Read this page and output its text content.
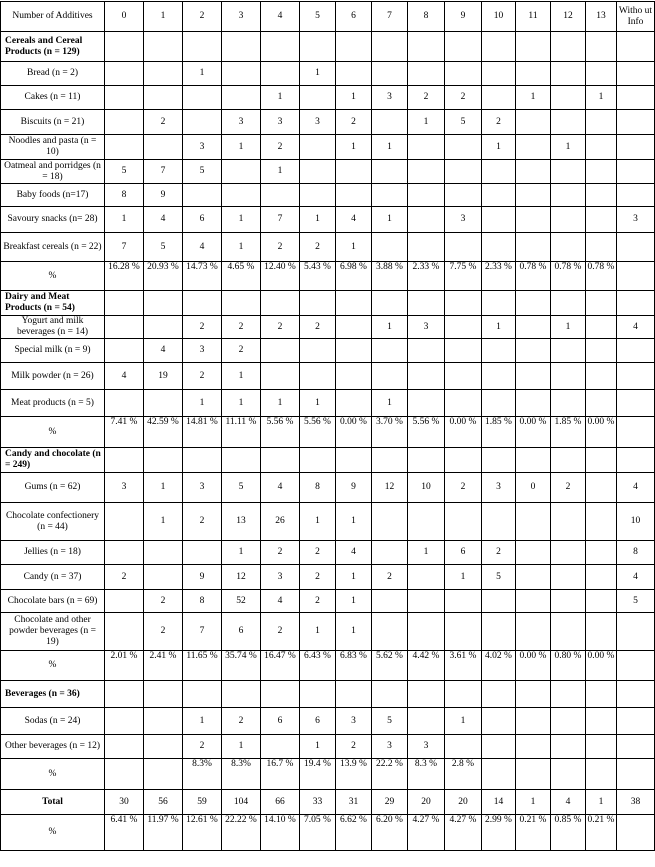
Number of Additives	0	1	2	3	4	5	6	7	8	9	10	11	12	13	Witho ut Info
Cereals and Cereal Products (n = 129)															
Bread (n = 2)			1			1									
Cakes (n = 11)					1		1	3	2	2		1		1	
Biscuits (n = 21)		2		3	3	3	2		1	5	2				
Noodles and pasta (n = 10)			3	1	2		1	1			1		1		
Oatmeal and porridges (n = 18)	5	7	5		1										
Baby foods (n=17)	8	9													
Savoury snacks (n= 28)	1	4	6	1	7	1	4	1		3					3
Breakfast cereals (n = 22)	7	5	4	1	2	2	1								
%	16.28 %	20.93 %	14.73 %	4.65 %	12.40 %	5.43 %	6.98 %	3.88 %	2.33 %	7.75 %	2.33 %	0.78 %	0.78 %	0.78 %	
Dairy and Meat Products (n = 54)															
Yogurt and milk beverages (n = 14)			2	2	2	2		1	3		1		1		4
Special milk (n = 9)		4	3	2											
Milk powder (n = 26)	4	19	2	1											
Meat products (n = 5)			1	1	1	1		1							
%	7.41 %	42.59 %	14.81 %	11.11 %	5.56 %	5.56 %	0.00 %	3.70 %	5.56 %	0.00 %	1.85 %	0.00 %	1.85 %	0.00 %	
Candy and chocolate (n = 249)															
Gums (n = 62)	3	1	3	5	4	8	9	12	10	2	3	0	2		4
Chocolate confectionery (n = 44)		1	2	13	26	1	1								10
Jellies (n = 18)				1	2	2	4		1	6	2				8
Candy (n = 37)	2		9	12	3	2	1	2		1	5				4
Chocolate bars (n = 69)		2	8	52	4	2	1								5
Chocolate and other powder beverages (n = 19)		2	7	6	2	1	1								
%	2.01 %	2.41 %	11.65 %	35.74 %	16.47 %	6.43 %	6.83 %	5.62 %	4.42 %	3.61 %	4.02 %	0.00 %	0.80 %	0.00 %	
Beverages (n = 36)															
Sodas (n = 24)			1	2	6	6	3	5		1					
Other beverages (n = 12)			2	1		1	2	3	3						
%			8.3%	8.3%	16.7 %	19.4 %	13.9 %	22.2 %	8.3 %	2.8 %					
Total	30	56	59	104	66	33	31	29	20	20	14	1	4	1	38
%	6.41 %	11.97 %	12.61 %	22.22 %	14.10 %	7.05 %	6.62 %	6.20 %	4.27 %	4.27 %	2.99 %	0.21 %	0.85 %	0.21 %	
